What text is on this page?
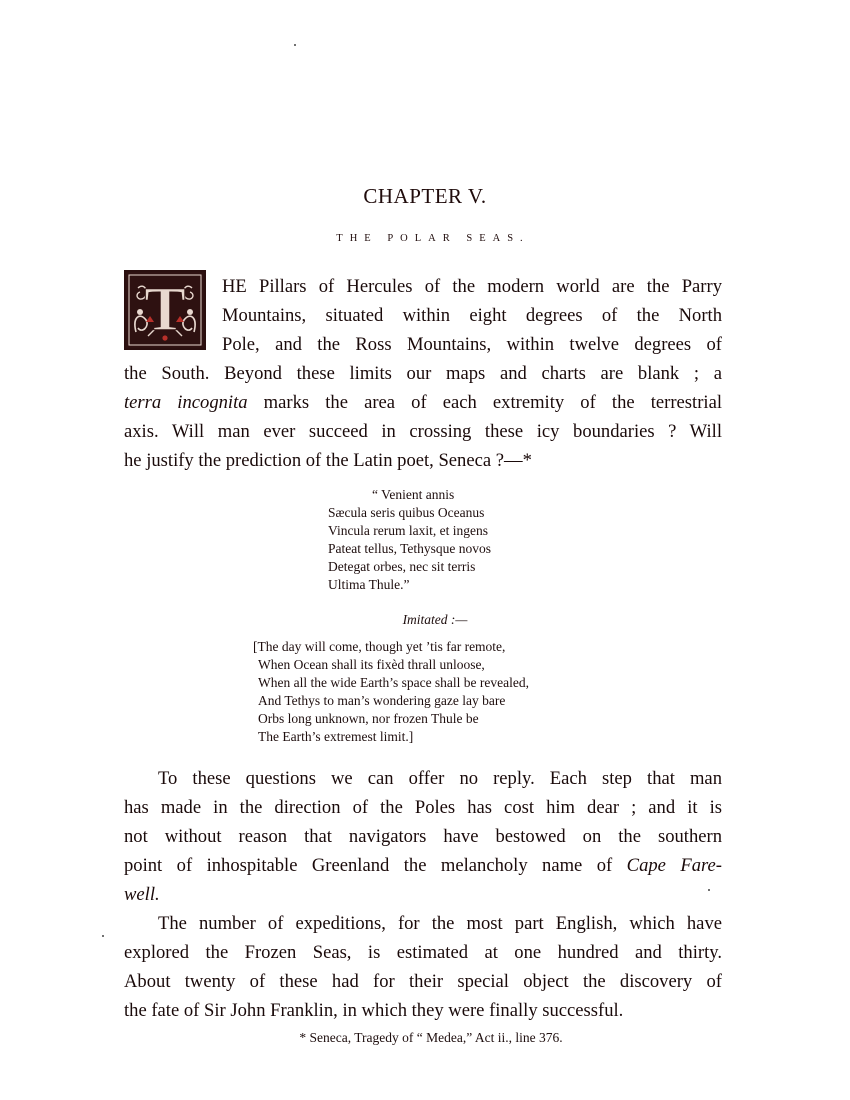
CHAPTER V.
THE POLAR SEAS.
T	HE Pillars of Hercules of the modern world are the Parry
Mountains, situated within eight degrees of the North
Pole, and the Ross Mountains, within twelve degrees of
the South. Beyond these limits our maps and charts are blank ; a
terra incognita marks the area of each extremity of the terrestrial
axis. Will man ever succeed in crossing these icy boundaries ? Will
he justify the prediction of the Latin poet, Seneca ?—*
“ Venient annis
Sæcula seris quibus Oceanus
Vincula rerum laxit, et ingens
Pateat tellus, Tethysque novos
Detegat orbes, nec sit terris
Ultima Thule.”
Imitated :—
[The day will come, though yet ’tis far remote,
When Ocean shall its fixèd thrall unloose,
When all the wide Earth’s space shall be revealed,
And Tethys to man’s wondering gaze lay bare
Orbs long unknown, nor frozen Thule be
The Earth’s extremest limit.]
To these questions we can offer no reply. Each step that man
has made in the direction of the Poles has cost him dear ; and it is
not without reason that navigators have bestowed on the southern
point of inhospitable Greenland the melancholy name of Cape Fare-
well.
The number of expeditions, for the most part English, which have
explored the Frozen Seas, is estimated at one hundred and thirty.
About twenty of these had for their special object the discovery of
the fate of Sir John Franklin, in which they were finally successful.
* Seneca, Tragedy of “ Medea,” Act ii., line 376.
